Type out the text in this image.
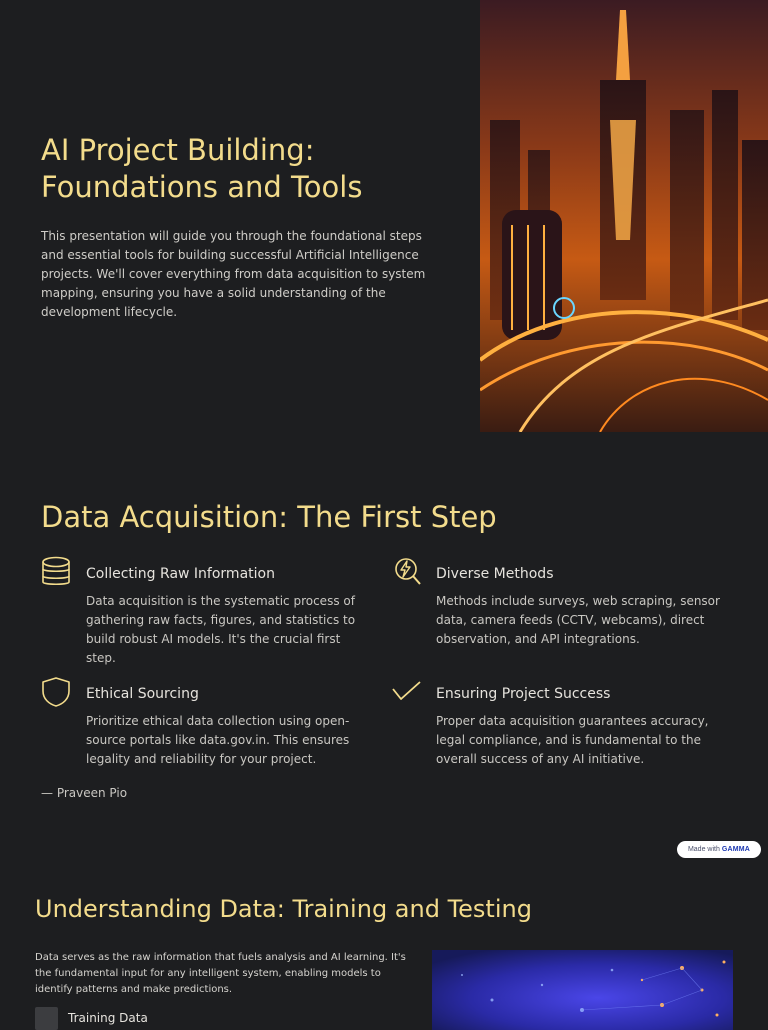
AI Project Building: Foundations and Tools

This presentation will guide you through the foundational steps and essential tools for building successful Artificial Intelligence projects. We'll cover everything from data acquisition to system mapping, ensuring you have a solid understanding of the development lifecycle.

Data Acquisition: The First Step
Collecting Raw Information
Data acquisition is the systematic process of gathering raw facts, figures, and statistics to build robust AI models. It's the crucial first step.
Diverse Methods
Methods include surveys, web scraping, sensor data, camera feeds (CCTV, webcams), direct observation, and API integrations.
Ethical Sourcing
Prioritize ethical data collection using open-source portals like data.gov.in. This ensures legality and reliability for your project.
Ensuring Project Success
Proper data acquisition guarantees accuracy, legal compliance, and is fundamental to the overall success of any AI initiative.
— Praveen Pio
Made with GAMMA
Understanding Data: Training and Testing

Data serves as the raw information that fuels analysis and AI learning. It's the fundamental input for any intelligent system, enabling models to identify patterns and make predictions.

Training Data
